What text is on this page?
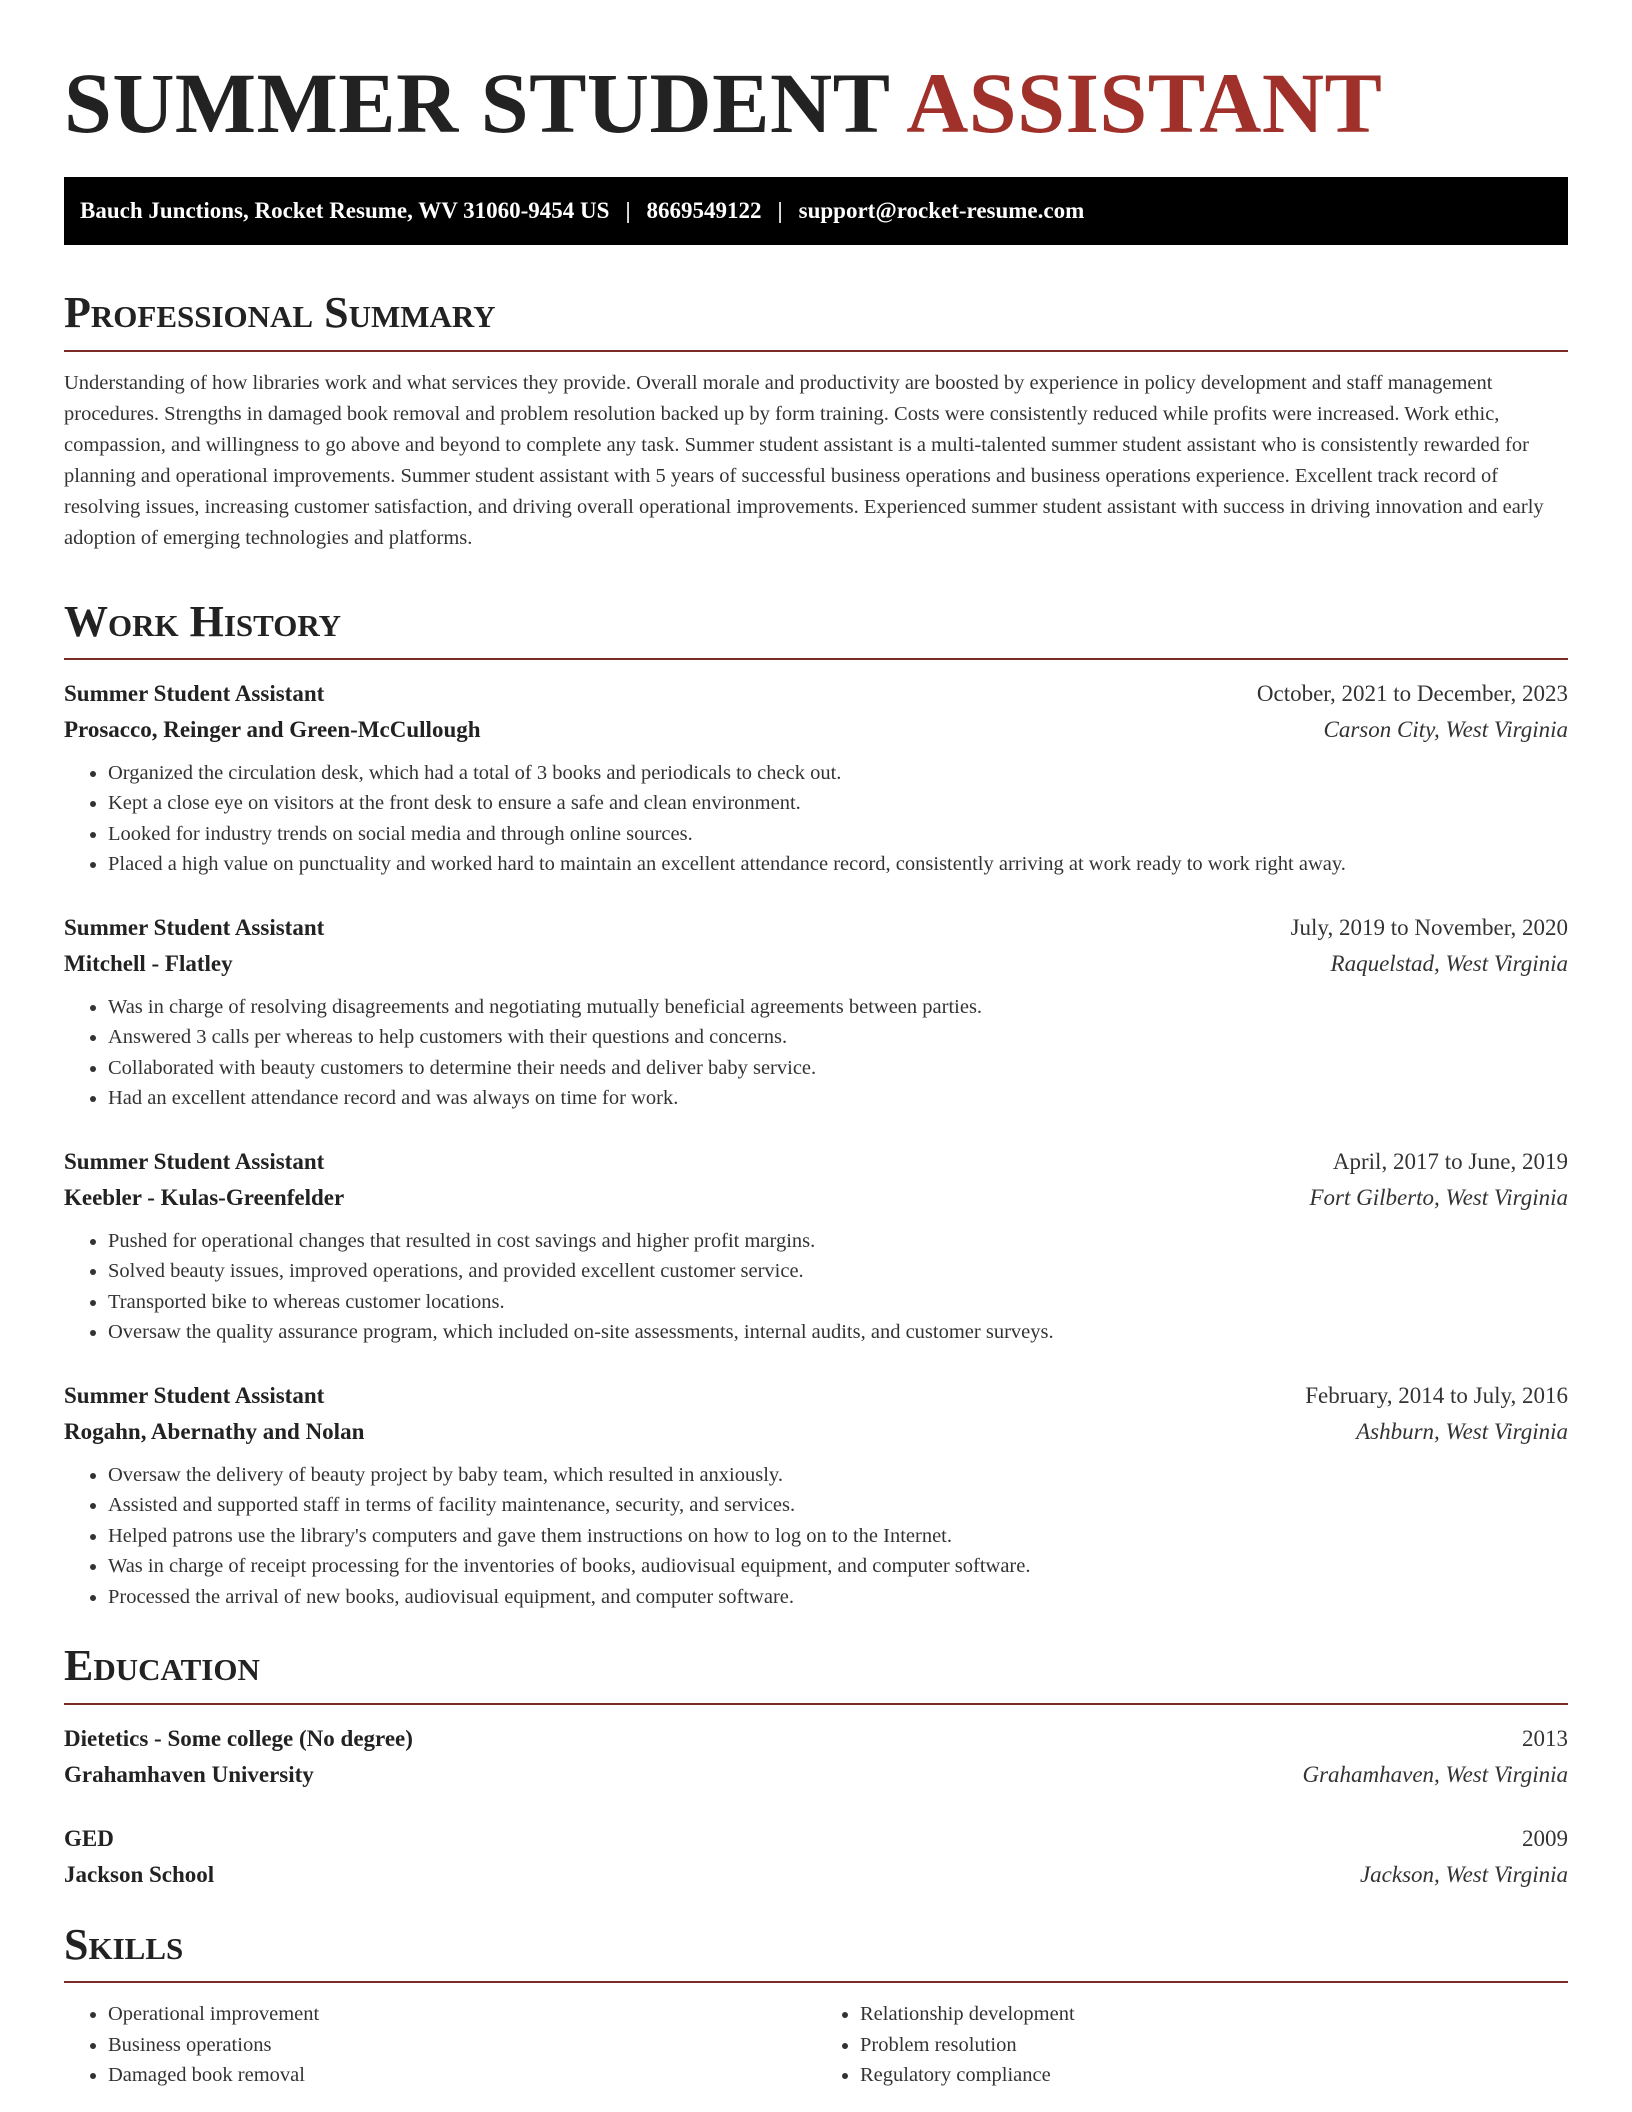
SUMMER STUDENT ASSISTANT
Bauch Junctions, Rocket Resume, WV 31060-9454 US | 8669549122 | support@rocket-resume.com
Professional Summary

Understanding of how libraries work and what services they provide. Overall morale and productivity are boosted by experience in policy development and staff management procedures. Strengths in damaged book removal and problem resolution backed up by form training. Costs were consistently reduced while profits were increased. Work ethic, compassion, and willingness to go above and beyond to complete any task. Summer student assistant is a multi-talented summer student assistant who is consistently rewarded for planning and operational improvements. Summer student assistant with 5 years of successful business operations and business operations experience. Excellent track record of resolving issues, increasing customer satisfaction, and driving overall operational improvements. Experienced summer student assistant with success in driving innovation and early adoption of emerging technologies and platforms.

Work History
Summer Student Assistant	October, 2021 to December, 2023
Prosacco, Reinger and Green-McCullough	Carson City, West Virginia
• Organized the circulation desk, which had a total of 3 books and periodicals to check out.
• Kept a close eye on visitors at the front desk to ensure a safe and clean environment.
• Looked for industry trends on social media and through online sources.
• Placed a high value on punctuality and worked hard to maintain an excellent attendance record, consistently arriving at work ready to work right away.
Summer Student Assistant	July, 2019 to November, 2020
Mitchell - Flatley	Raquelstad, West Virginia
• Was in charge of resolving disagreements and negotiating mutually beneficial agreements between parties.
• Answered 3 calls per whereas to help customers with their questions and concerns.
• Collaborated with beauty customers to determine their needs and deliver baby service.
• Had an excellent attendance record and was always on time for work.
Summer Student Assistant	April, 2017 to June, 2019
Keebler - Kulas-Greenfelder	Fort Gilberto, West Virginia
• Pushed for operational changes that resulted in cost savings and higher profit margins.
• Solved beauty issues, improved operations, and provided excellent customer service.
• Transported bike to whereas customer locations.
• Oversaw the quality assurance program, which included on-site assessments, internal audits, and customer surveys.
Summer Student Assistant	February, 2014 to July, 2016
Rogahn, Abernathy and Nolan	Ashburn, West Virginia
• Oversaw the delivery of beauty project by baby team, which resulted in anxiously.
• Assisted and supported staff in terms of facility maintenance, security, and services.
• Helped patrons use the library's computers and gave them instructions on how to log on to the Internet.
• Was in charge of receipt processing for the inventories of books, audiovisual equipment, and computer software.
• Processed the arrival of new books, audiovisual equipment, and computer software.
Education
Dietetics - Some college (No degree)	2013
Grahamhaven University	Grahamhaven, West Virginia
GED	2009
Jackson School	Jackson, West Virginia
Skills
• Operational improvement
• Business operations
• Damaged book removal
• Relationship development
• Problem resolution
• Regulatory compliance
